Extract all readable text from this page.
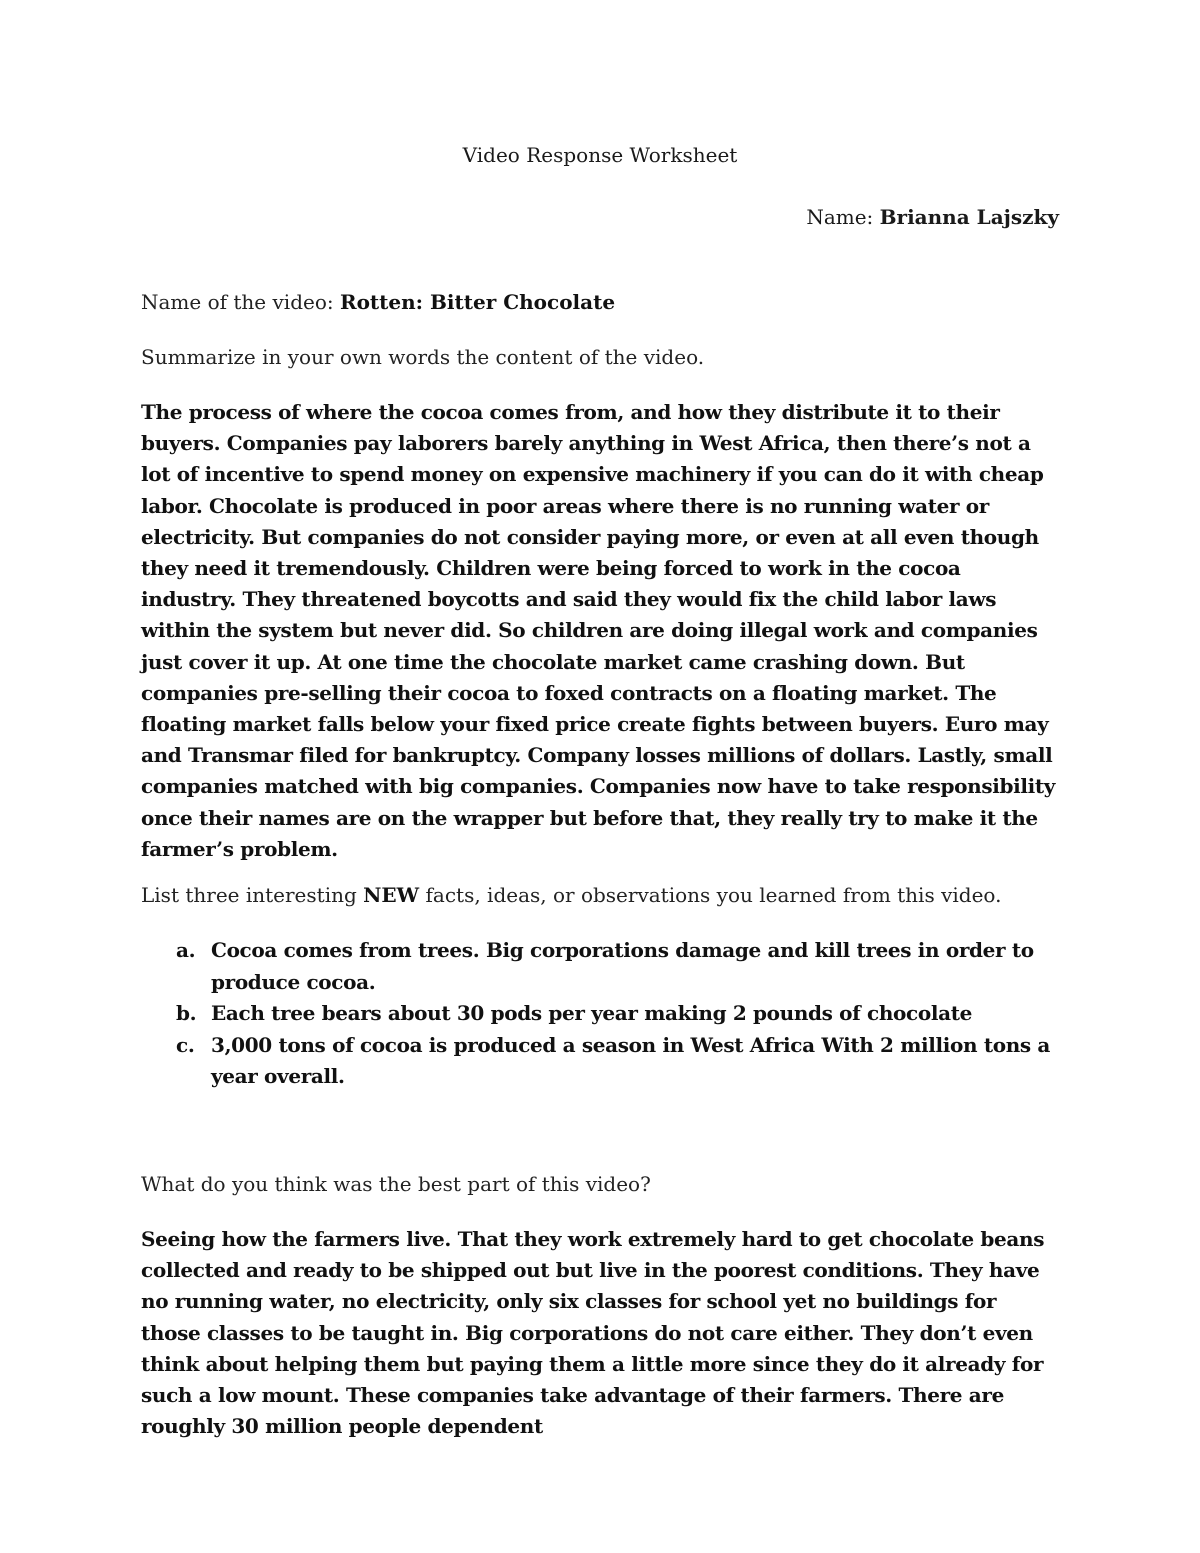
Video Response Worksheet

Name: Brianna Lajszky

Name of the video: Rotten: Bitter Chocolate

Summarize in your own words the content of the video.

The process of where the cocoa comes from, and how they distribute it to their buyers. Companies pay laborers barely anything in West Africa, then there’s not a lot of incentive to spend money on expensive machinery if you can do it with cheap labor. Chocolate is produced in poor areas where there is no running water or electricity. But companies do not consider paying more, or even at all even though they need it tremendously. Children were being forced to work in the cocoa industry. They threatened boycotts and said they would fix the child labor laws within the system but never did. So children are doing illegal work and companies just cover it up. At one time the chocolate market came crashing down. But companies pre-selling their cocoa to foxed contracts on a floating market. The floating market falls below your fixed price create fights between buyers. Euro may and Transmar filed for bankruptcy. Company losses millions of dollars. Lastly, small companies matched with big companies. Companies now have to take responsibility once their names are on the wrapper but before that, they really try to make it the farmer’s problem.

List three interesting NEW facts, ideas, or observations you learned from this video.

a. Cocoa comes from trees. Big corporations damage and kill trees in order to produce cocoa.
b. Each tree bears about 30 pods per year making 2 pounds of chocolate
c. 3,000 tons of cocoa is produced a season in West Africa With 2 million tons a year overall.

What do you think was the best part of this video?

Seeing how the farmers live. That they work extremely hard to get chocolate beans collected and ready to be shipped out but live in the poorest conditions. They have no running water, no electricity, only six classes for school yet no buildings for those classes to be taught in. Big corporations do not care either. They don’t even think about helping them but paying them a little more since they do it already for such a low mount. These companies take advantage of their farmers. There are roughly 30 million people dependent
